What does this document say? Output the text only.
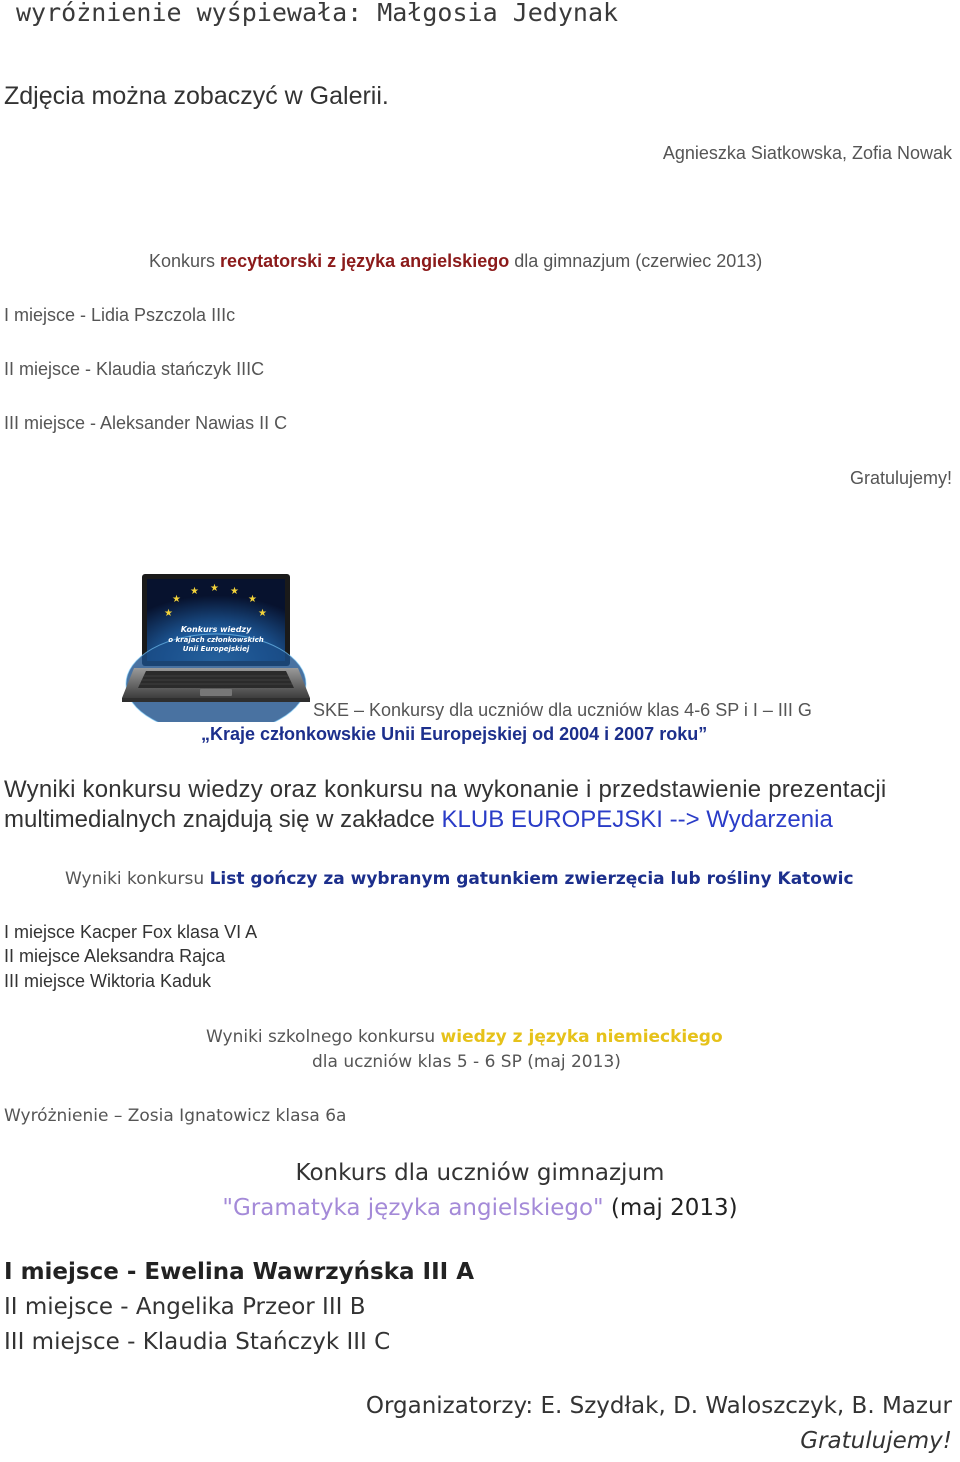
wyróżnienie wyśpiewała: Małgosia Jedynak

Zdjęcia można zobaczyć w Galerii.

Agnieszka Siatkowska, Zofia Nowak

Konkurs recytatorski z języka angielskiego dla gimnazjum (czerwiec 2013)

I miejsce - Lidia Pszczola IIIc

II miejsce - Klaudia stańczyk IIIC

III miejsce - Aleksander Nawias II C

Gratulujemy!

★
★ ★ ★
★
★	★
Konkurs wiedzy
o krajach członkowskich
Unii Europejskiej

SKE – Konkursy dla uczniów dla uczniów klas 4-6 SP i I – III G

„Kraje członkowskie Unii Europejskiej od 2004 i 2007 roku”

Wyniki konkursu wiedzy oraz konkursu na wykonanie i przedstawienie prezentacji

multimedialnych znajdują się w zakładce KLUB EUROPEJSKI --> Wydarzenia

Wyniki konkursu List gończy za wybranym gatunkiem zwierzęcia lub rośliny Katowic

I miejsce Kacper Fox klasa VI A

II miejsce Aleksandra Rajca

III miejsce Wiktoria Kaduk

Wyniki szkolnego konkursu wiedzy z języka niemieckiego

dla uczniów klas 5 - 6 SP (maj 2013)

Wyróżnienie – Zosia Ignatowicz klasa 6a

Konkurs dla uczniów gimnazjum

"Gramatyka języka angielskiego" (maj 2013)

I miejsce - Ewelina Wawrzyńska III A

II miejsce - Angelika Przeor III B

III miejsce - Klaudia Stańczyk III C

Organizatorzy: E. Szydłak, D. Waloszczyk, B. Mazur

Gratulujemy!
